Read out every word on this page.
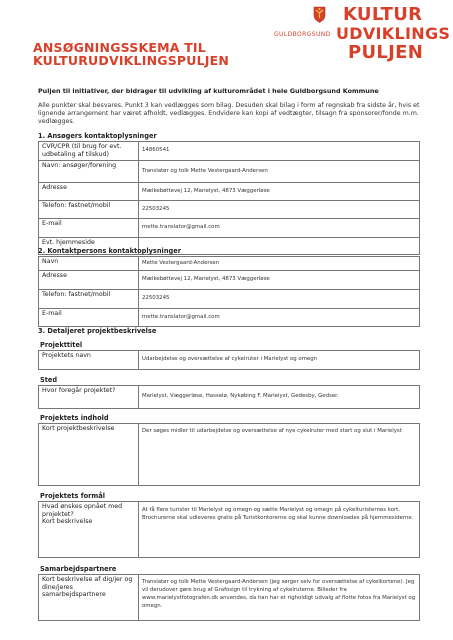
ANSØGNINGSSKEMA TIL
KULTURUDVIKLINGSPULJEN
GULDBORGSUND
KULTUR
UDVIKLINGS
PULJEN
Puljen til initiativer, der bidrager til udvikling af kulturområdet i hele Guldborgsund Kommune
Alle punkter skal besvares. Punkt 3 kan vedlægges som bilag. Desuden skal bilag i form af regnskab fra sidste år, hvis et lignende arrangement har været afholdt, vedlægges. Endvidere kan kopi af vedtægter, tilsagn fra sponsorer/fonde m.m. vedlægges.
1. Ansøgers kontaktoplysninger
CVR/CPR (til brug for evt. udbetaling af tilskud)	14860541
Navn: ansøger/forening	Translatør og tolk Mette Vestergaard-Andersen
Adresse	Mælkebøttevej 12, Marielyst, 4873 Væggerløse
Telefon: fastnet/mobil	22503245
E-mail	mette.translator@gmail.com
Evt. hjemmeside	
2. Kontaktpersons kontaktoplysninger
Navn	Mette Vestergaard-Andersen
Adresse	Mælkebøttevej 12, Marielyst, 4873 Væggerløse
Telefon: fastnet/mobil	22503245
E-mail	mette.translator@gmail.com
3. Detaljeret projektbeskrivelse
Projekttitel
Projektets navn	Udarbejdelse og oversættelse af cykelruter i Marielyst og omegn
Sted
Hvor foregår projektet?	Marielyst, Væggerløse, Hasselø, Nykøbing F. Marielyst, Gedesby, Gedser.
Projektets indhold
Kort projektbeskrivelse	Der søges midler til udarbejdelse og oversættelse af nye cykelruter med start og slut i Marielyst
Projektets formål
Hvad ønskes opnået med projektet?
Kort beskrivelse
	At få flere turister til Marielyst og omegn og sætte Marielyst og omegn på cykelturisternes kort. Brochurerne skal udleveres gratis på Turistkontorerne og skal kunne downloades på hjemmesiderne.
Samarbejdspartnere
Kort beskrivelse af dig/jer og dine/jeres samarbejdspartnere	Translatør og tolk Mette Vestergaard-Andersen (jeg sørger selv for oversættelse af cykelkortene). Jeg vil derudover gøre brug af Grafosign til trykning af cykelruterne. Billeder fra www.marielystfotografen.dk anvendes, da han har et righoldigt udvalg af flotte fotos fra Marielyst og omegn.
